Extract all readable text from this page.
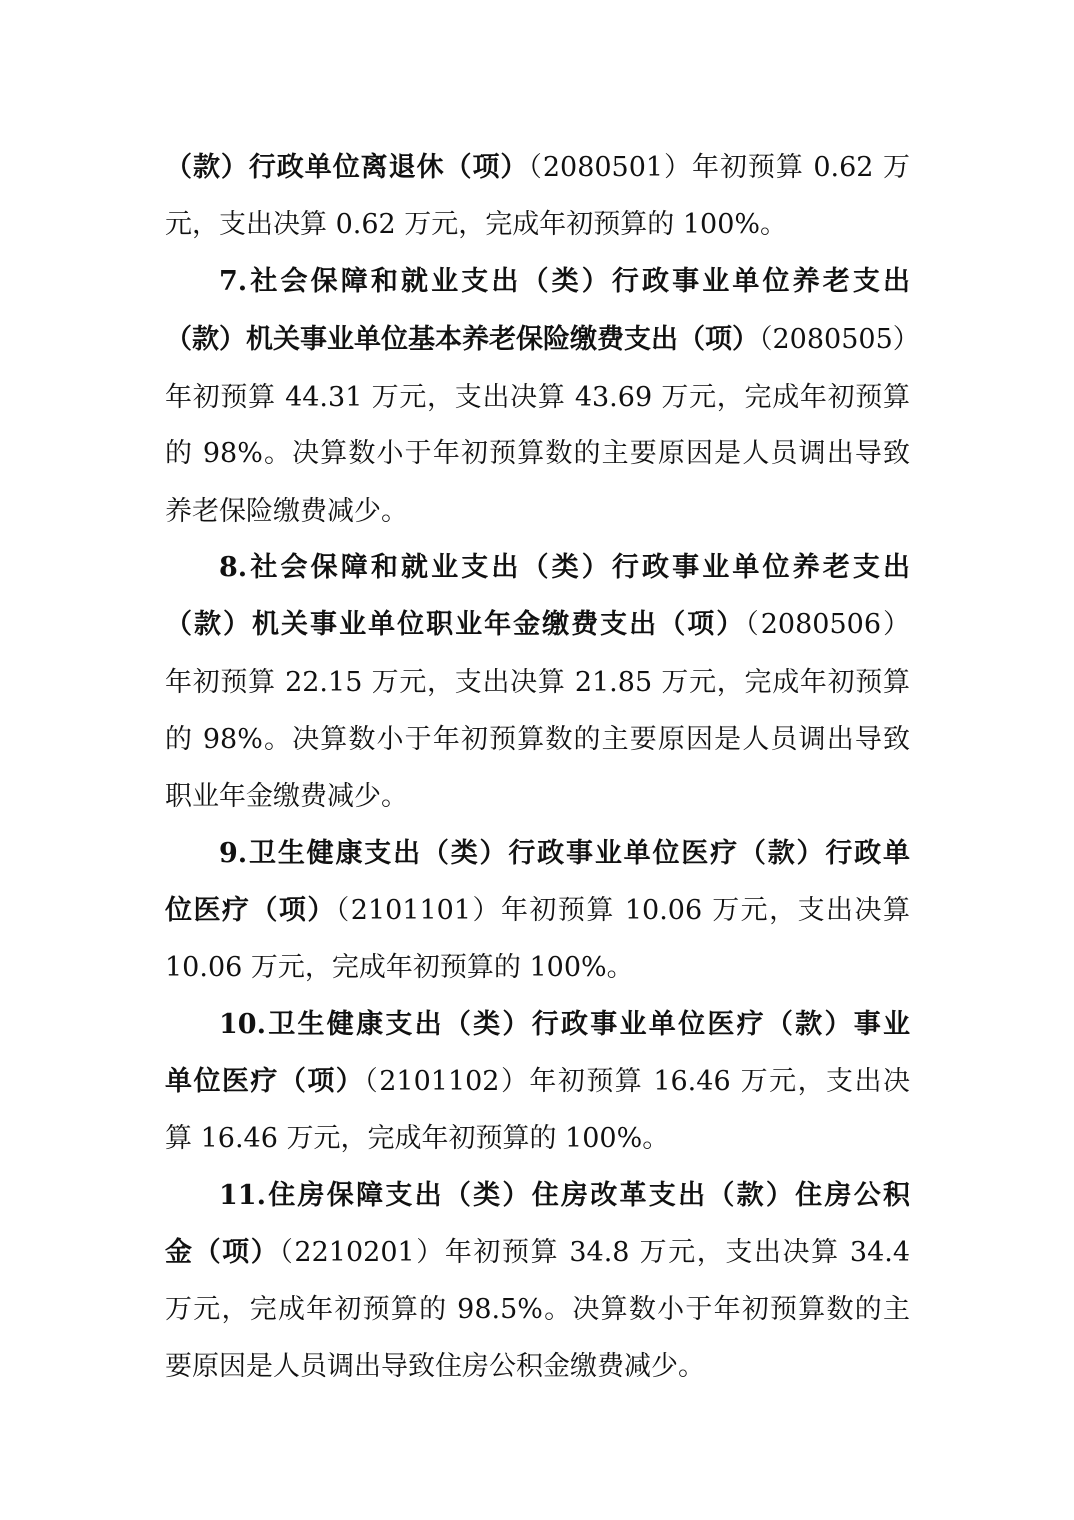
（款）行政单位离退休（项）（2080501）年初预算 0.62 万
元，支出决算 0.62 万元，完成年初预算的 100%。
7.社会保障和就业支出（类）行政事业单位养老支出
（款）机关事业单位基本养老保险缴费支出（项）（2080505）
年初预算 44.31 万元，支出决算 43.69 万元，完成年初预算
的 98%。决算数小于年初预算数的主要原因是人员调出导致
养老保险缴费减少。
8.社会保障和就业支出（类）行政事业单位养老支出
（款）机关事业单位职业年金缴费支出（项）（2080506）
年初预算 22.15 万元，支出决算 21.85 万元，完成年初预算
的 98%。决算数小于年初预算数的主要原因是人员调出导致
职业年金缴费减少。
9.卫生健康支出（类）行政事业单位医疗（款）行政单
位医疗（项）（2101101）年初预算 10.06 万元，支出决算
10.06 万元，完成年初预算的 100%。
10.卫生健康支出（类）行政事业单位医疗（款）事业
单位医疗（项）（2101102）年初预算 16.46 万元，支出决
算 16.46 万元，完成年初预算的 100%。
11.住房保障支出（类）住房改革支出（款）住房公积
金（项）（2210201）年初预算 34.8 万元，支出决算 34.4
万元，完成年初预算的 98.5%。决算数小于年初预算数的主
要原因是人员调出导致住房公积金缴费减少。
